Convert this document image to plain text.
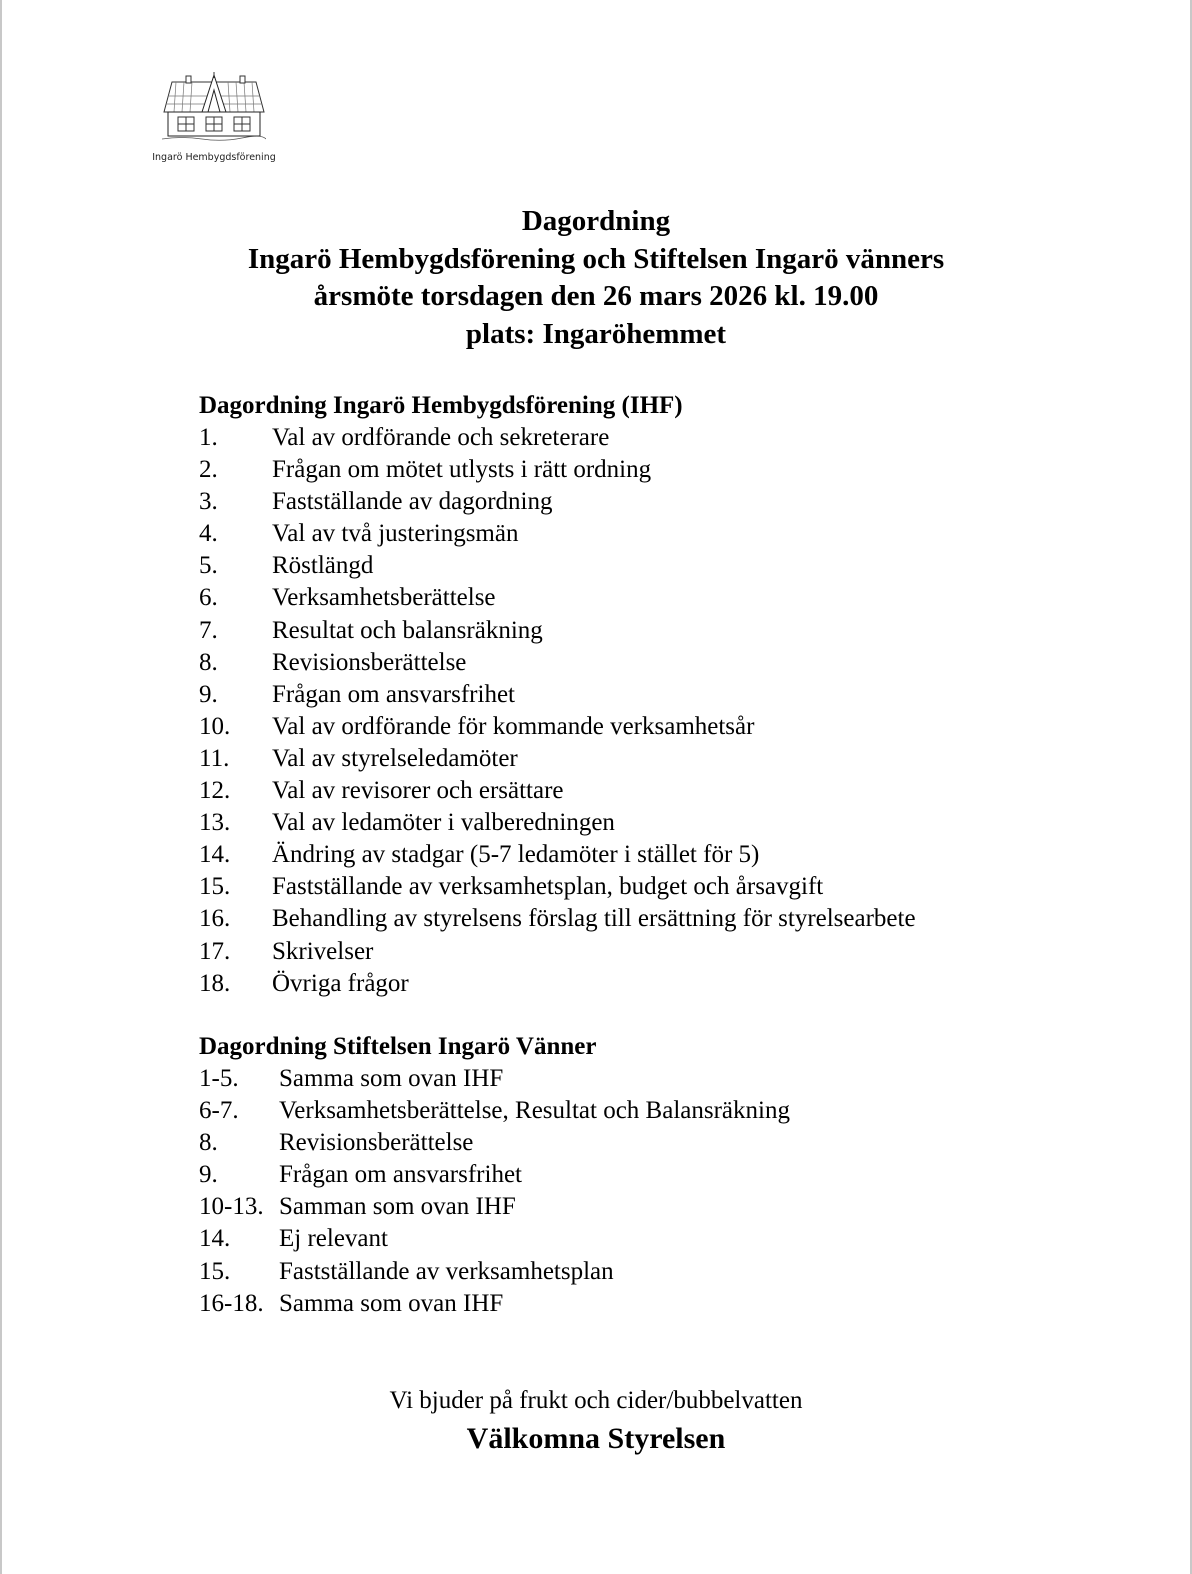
Ingarö Hembygdsförening
Dagordning
Ingarö Hembygdsförening och Stiftelsen Ingarö vänners
årsmöte torsdagen den 26 mars 2026 kl. 19.00
plats: Ingaröhemmet
Dagordning Ingarö Hembygdsförening (IHF)
1. Val av ordförande och sekreterare
2. Frågan om mötet utlysts i rätt ordning
3. Fastställande av dagordning
4. Val av två justeringsmän
5. Röstlängd
6. Verksamhetsberättelse
7. Resultat och balansräkning
8. Revisionsberättelse
9. Frågan om ansvarsfrihet
10. Val av ordförande för kommande verksamhetsår
11. Val av styrelseledamöter
12. Val av revisorer och ersättare
13. Val av ledamöter i valberedningen
14. Ändring av stadgar (5-7 ledamöter i stället för 5)
15. Fastställande av verksamhetsplan, budget och årsavgift
16. Behandling av styrelsens förslag till ersättning för styrelsearbete
17. Skrivelser
18. Övriga frågor
Dagordning Stiftelsen Ingarö Vänner
1-5. Samma som ovan IHF
6-7. Verksamhetsberättelse, Resultat och Balansräkning
8. Revisionsberättelse
9. Frågan om ansvarsfrihet
10-13. Samman som ovan IHF
14. Ej relevant
15. Fastställande av verksamhetsplan
16-18. Samma som ovan IHF
Vi bjuder på frukt och cider/bubbelvatten
Välkomna Styrelsen
